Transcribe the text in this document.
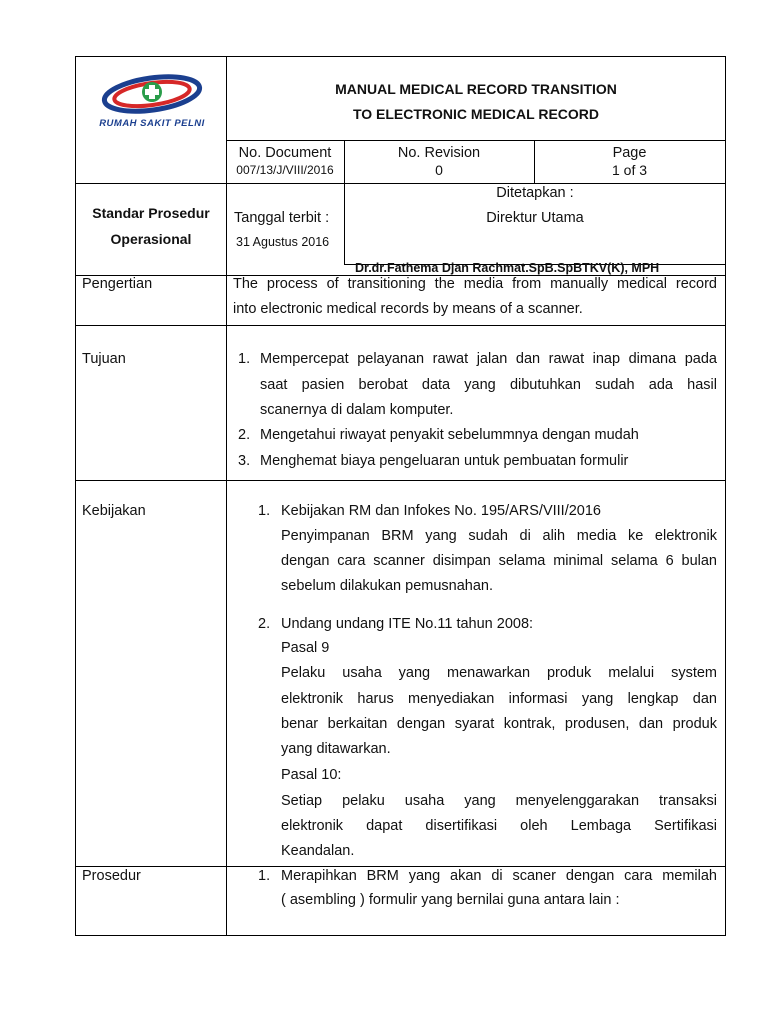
RUMAH SAKIT PELNI
MANUAL MEDICAL RECORD TRANSITION
TO ELECTRONIC MEDICAL RECORD
No. Document
007/13/J/VIII/2016
No. Revision
0
Page
1 of 3
Standar Prosedur
Operasional
Tanggal terbit :
31 Agustus 2016
Ditetapkan :
Direktur Utama
Dr.dr.Fathema Djan Rachmat.SpB.SpBTKV(K), MPH
Pengertian	The process of transitioning the media from manually medical record
into electronic medical records by means of a scanner.
Tujuan	1. Mempercepat pelayanan rawat jalan dan rawat inap dimana pada
saat pasien berobat data yang dibutuhkan sudah ada hasil
scanernya di dalam komputer.
2. Mengetahui riwayat penyakit sebelummnya dengan mudah
3. Menghemat biaya pengeluaran untuk pembuatan formulir
Kebijakan	1. Kebijakan RM dan Infokes No. 195/ARS/VIII/2016
Penyimpanan BRM yang sudah di alih media ke elektronik
dengan cara scanner disimpan selama minimal selama 6 bulan
sebelum dilakukan pemusnahan.
2. Undang undang ITE No.11 tahun 2008:
Pasal 9
Pelaku usaha yang menawarkan produk melalui system
elektronik harus menyediakan informasi yang lengkap dan
benar berkaitan dengan syarat kontrak, produsen, dan produk
yang ditawarkan.
Pasal 10:
Setiap pelaku usaha yang menyelenggarakan transaksi
elektronik dapat disertifikasi oleh Lembaga Sertifikasi
Keandalan.
Prosedur	1. Merapihkan BRM yang akan di scaner dengan cara memilah
( asembling ) formulir yang bernilai guna antara lain :
